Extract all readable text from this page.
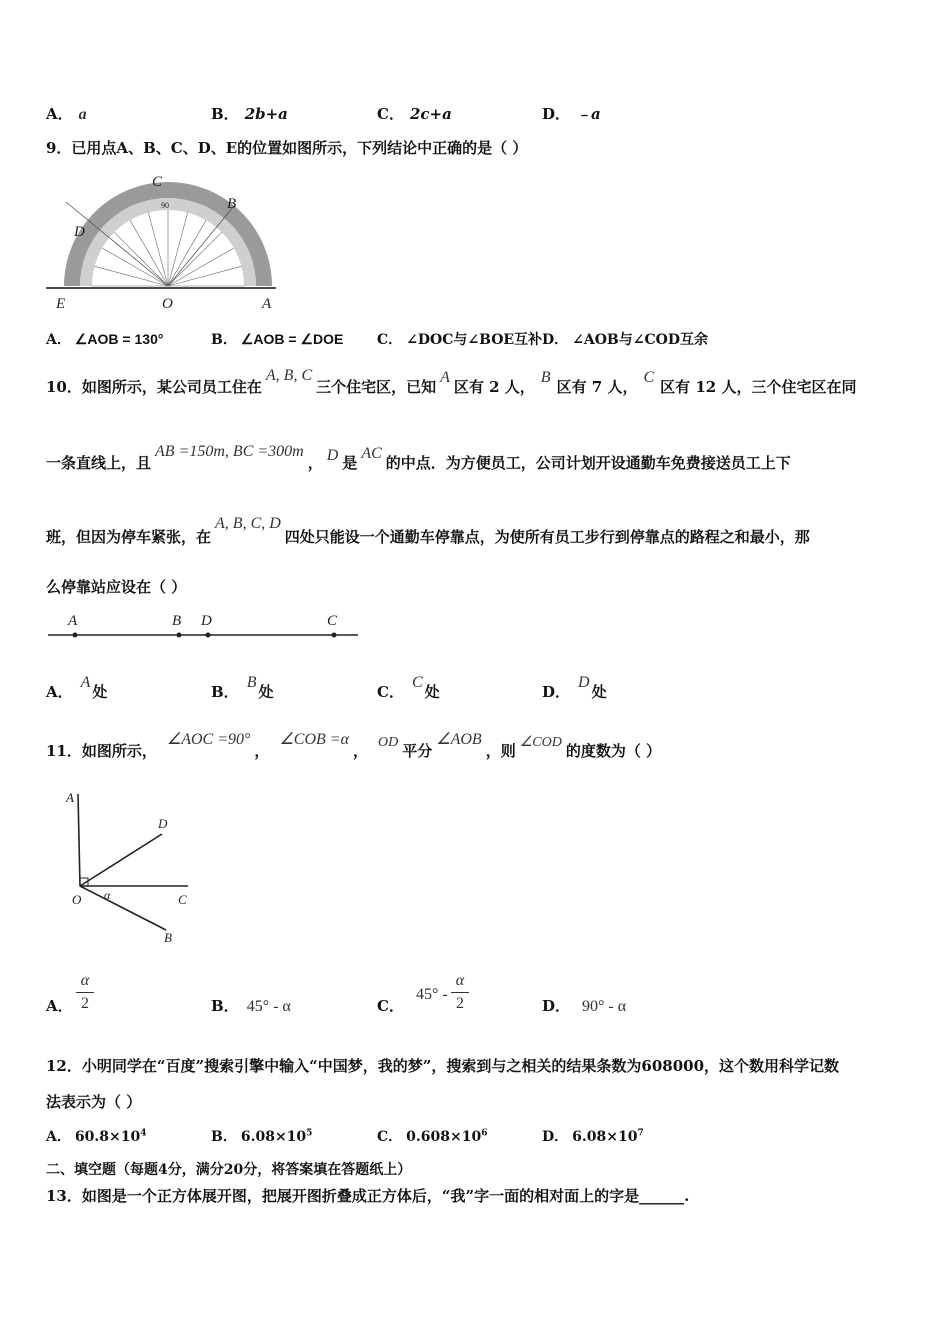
A． a	B． 2b+a	C． 2c+a	D． ﹣a
9．已用点A、B、C、D、E的位置如图所示，下列结论中正确的是（ ）
C
B
D
E	O	A
90
A． ∠AOB = 130°	B． ∠AOB = ∠DOE C． ∠DOC与∠BOE互补 D． ∠AOB与∠COD互余
10．如图所示，某公司员工住在A, B, C三个住宅区，已知A区有 2 人，B区有 7 人，C区有 12 人，三个住宅区在同
一条直线上，且AB =150m, BC =300m， D 是AC的中点．为方便员工，公司计划开设通勤车免费接送员工上下
班，但因为停车紧张，在A, B, C, D四处只能设一个通勤车停靠点，为使所有员工步行到停靠点的路程之和最小，那
么停靠站应设在（ ）
A	B D	C
A．A处	B．B处	C．C处	D．D处
11．如图所示，∠AOC =90°，∠COB =α， OD 平分∠AOB，则 ∠COD 的度数为（ ）
A
D
O	C
B
α
A．
α
2	B． 45° - α	C．45° -
α
2	D． 90° - α
12．小明同学在“百度”搜索引擎中输入“中国梦，我的梦”，搜索到与之相关的结果条数为608000，这个数用科学记数
法表示为（ ）
A． $60.8\times 10^4$	B． $6.08\times 10^5$	C． $0.608\times 10^6$	D． $6.08\times 10^7$
二、填空题（每题4分，满分20分，将答案填在答题纸上）
13．如图是一个正方体展开图，把展开图折叠成正方体后，“我”字一面的相对面上的字是______.
